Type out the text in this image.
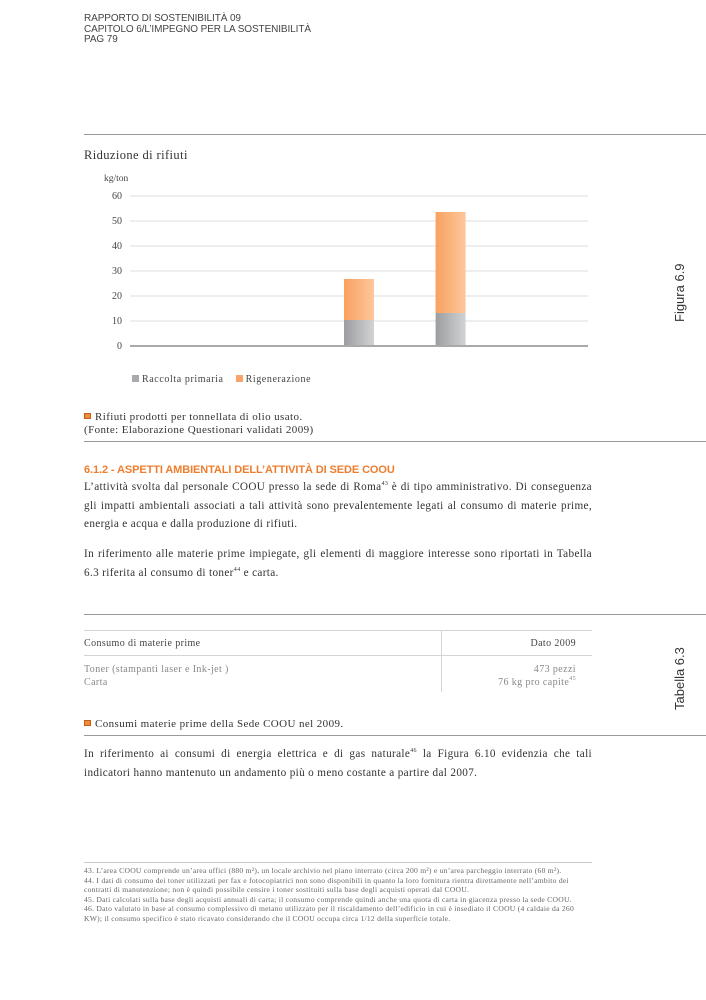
RAPPORTO DI SOSTENIBILITÀ 09
CAPITOLO 6/L’IMPEGNO PER LA SOSTENIBILITÀ
PAG 79
Riduzione di rifiuti
kg/ton
0
10
20
30
40
50
60
Raccolta primaria	Rigenerazione
Figura 6.9
Rifiuti prodotti per tonnellata di olio usato.
(Fonte: Elaborazione Questionari validati 2009)
6.1.2 - ASPETTI AMBIENTALI DELL’ATTIVITÀ DI SEDE COOU
L’attività svolta dal personale COOU presso la sede di Roma$^{43}$ è di tipo amministrativo. Di conseguenza gli impatti ambientali associati a tali attività sono prevalentemente legati al consumo di materie prime, energia e acqua e dalla produzione di rifiuti.
In riferimento alle materie prime impiegate, gli elementi di maggiore interesse sono riportati in Tabella 6.3 riferita al consumo di toner$^{44}$ e carta.
Consumo di materie prime	Dato 2009
Toner (stampanti laser e Ink-jet )	473 pezzi
Carta	76 kg pro capite$^{45}$	Tabella 6.3
Consumi materie prime della Sede COOU nel 2009.
In riferimento ai consumi di energia elettrica e di gas naturale$^{46}$ la Figura 6.10 evidenzia che tali indicatori hanno mantenuto un andamento più o meno costante a partire dal 2007.
43. L’area COOU comprende un’area uffici (880 m²), un locale archivio nel piano interrato (circa 200 m²) e un’area parcheggio interrato (60 m²).
44. I dati di consumo dei toner utilizzati per fax e fotocopiatrici non sono disponibili in quanto la loro fornitura rientra direttamente nell’ambito dei contratti di manutenzione; non è quindi possibile censire i toner sostituiti sulla base degli acquisti operati dal COOU.
45. Dati calcolati sulla base degli acquisti annuali di carta; il consumo comprende quindi anche una quota di carta in giacenza presso la sede COOU.
46. Dato valutato in base al consumo complessivo di metano utilizzato per il riscaldamento dell’edificio in cui è insediato il COOU (4 caldaie da 260 KW); il consumo specifico è stato ricavato considerando che il COOU occupa circa 1/12 della superficie totale.
